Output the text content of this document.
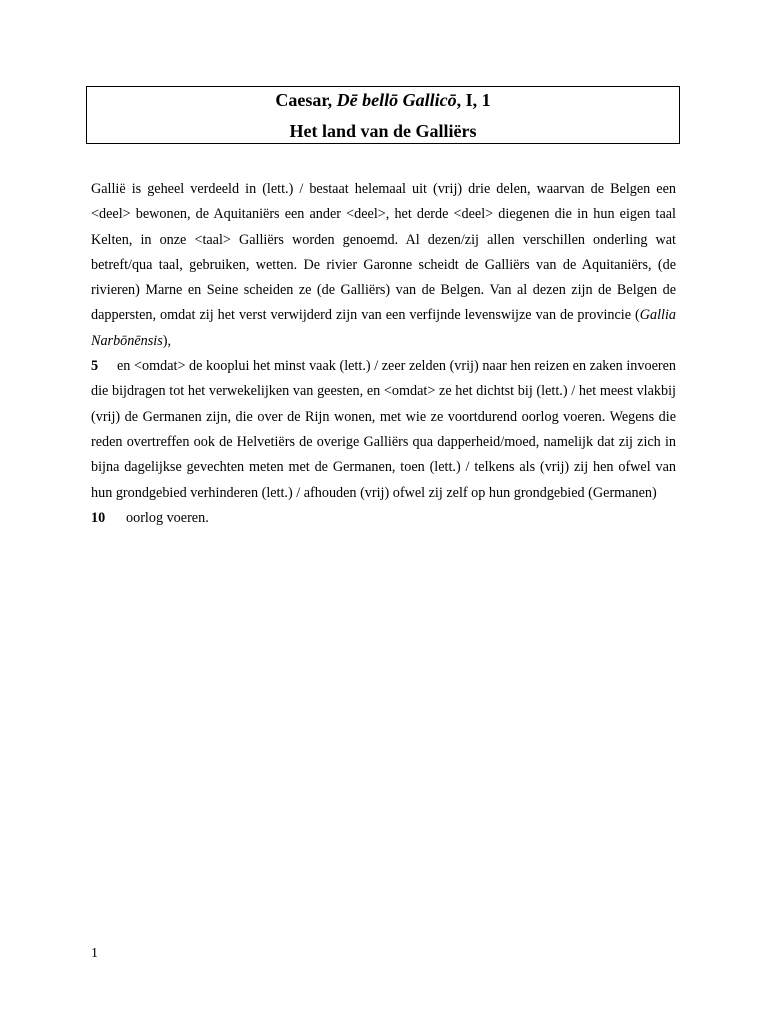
Caesar, Dē bellō Gallicō, I, 1
Het land van de Galliërs

Gallië is geheel verdeeld in (lett.) / bestaat helemaal uit (vrij) drie delen, waarvan de Belgen een <deel> bewonen, de Aquitaniërs een ander <deel>, het derde <deel> diegenen die in hun eigen taal Kelten, in onze <taal> Galliërs worden genoemd. Al dezen/zij allen verschillen onderling wat betreft/qua taal, gebruiken, wetten. De rivier Garonne scheidt de Galliërs van de Aquitaniërs, (de rivieren) Marne en Seine scheiden ze (de Galliërs) van de Belgen. Van al dezen zijn de Belgen de dappersten, omdat zij het verst verwijderd zijn van een verfijnde levenswijze van de provincie (Gallia Narbōnēnsis),

5 en <omdat> de kooplui het minst vaak (lett.) / zeer zelden (vrij) naar hen reizen en zaken invoeren die bijdragen tot het verwekelijken van geesten, en <omdat> ze het dichtst bij (lett.) / het meest vlakbij (vrij) de Germanen zijn, die over de Rijn wonen, met wie ze voortdurend oorlog voeren. Wegens die reden overtreffen ook de Helvetiërs de overige Galliërs qua dapperheid/moed, namelijk dat zij zich in bijna dagelijkse gevechten meten met de Germanen, toen (lett.) / telkens als (vrij) zij hen ofwel van hun grondgebied verhinderen (lett.) / afhouden (vrij) ofwel zij zelf op hun grondgebied (Germanen)

10 oorlog voeren.

1
